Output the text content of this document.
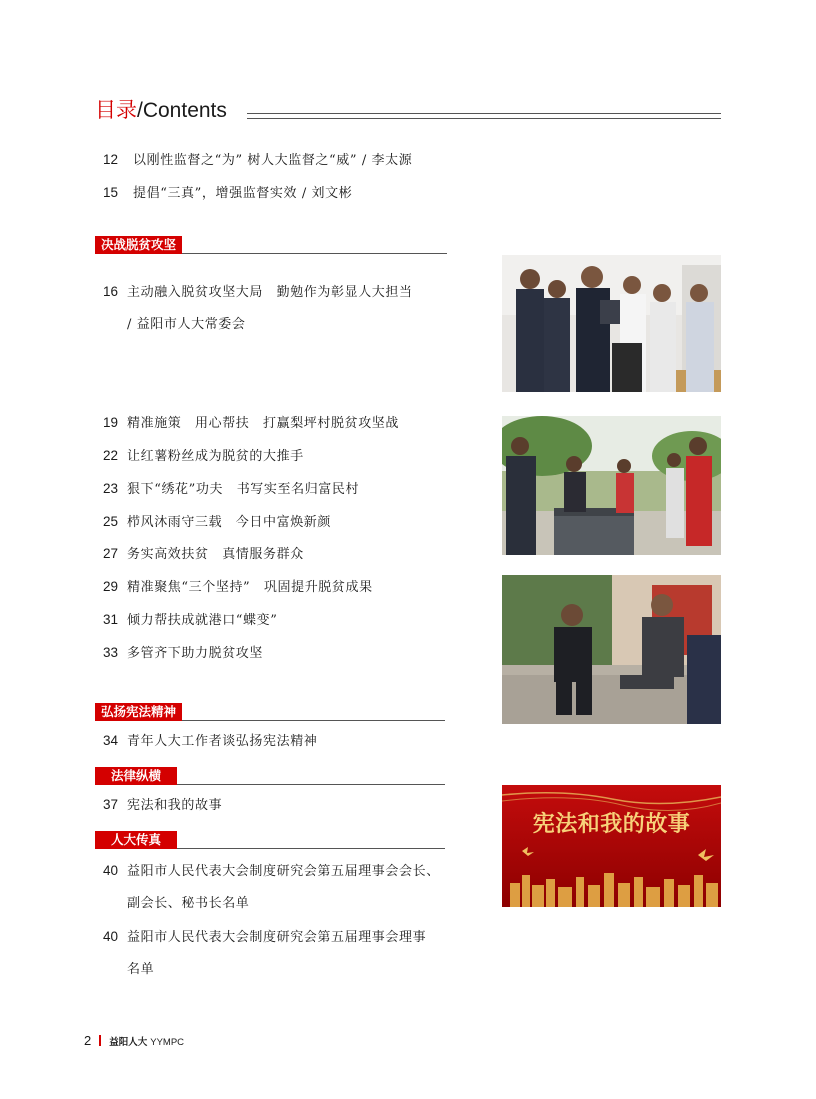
目录/Contents
12 以刚性监督之“为” 树人大监督之“威” / 李太源
15 提倡“三真”，增强监督实效 / 刘文彬
决战脱贫攻坚
16 主动融入脱贫攻坚大局　勤勉作为彰显人大担当
/ 益阳市人大常委会
19 精准施策　用心帮扶　打赢梨坪村脱贫攻坚战
22 让红薯粉丝成为脱贫的大推手
23 狠下“绣花”功夫　书写实至名归富民村
25 栉风沐雨守三载　今日中富焕新颜
27 务实高效扶贫　真情服务群众
29 精准聚焦“三个坚持”　巩固提升脱贫成果
31 倾力帮扶成就港口“蝶变”
33 多管齐下助力脱贫攻坚
弘扬宪法精神
34 青年人大工作者谈弘扬宪法精神
法律纵横
37 宪法和我的故事
人大传真
40 益阳市人民代表大会制度研究会第五届理事会会长、
副会长、秘书长名单
40 益阳市人民代表大会制度研究会第五届理事会理事
名单
宪法和我的故事
2 益阳人大 YYMPC
